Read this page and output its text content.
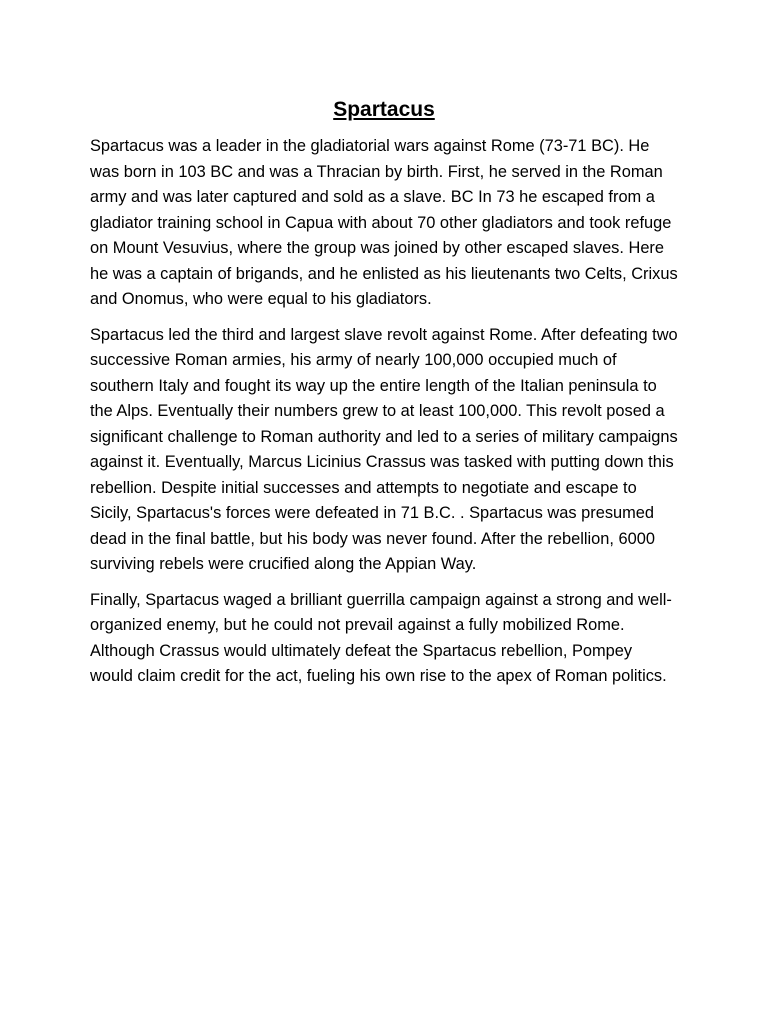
Spartacus

Spartacus was a leader in the gladiatorial wars against Rome (73-71 BC). He was born in 103 BC and was a Thracian by birth. First, he served in the Roman army and was later captured and sold as a slave. BC In 73 he escaped from a gladiator training school in Capua with about 70 other gladiators and took refuge on Mount Vesuvius, where the group was joined by other escaped slaves. Here he was a captain of brigands, and he enlisted as his lieutenants two Celts, Crixus and Onomus, who were equal to his gladiators.

Spartacus led the third and largest slave revolt against Rome. After defeating two successive Roman armies, his army of nearly 100,000 occupied much of southern Italy and fought its way up the entire length of the Italian peninsula to the Alps. Eventually their numbers grew to at least 100,000. This revolt posed a significant challenge to Roman authority and led to a series of military campaigns against it. Eventually, Marcus Licinius Crassus was tasked with putting down this rebellion. Despite initial successes and attempts to negotiate and escape to Sicily, Spartacus's forces were defeated in 71 B.C. . Spartacus was presumed dead in the final battle, but his body was never found. After the rebellion, 6000 surviving rebels were crucified along the Appian Way.

Finally, Spartacus waged a brilliant guerrilla campaign against a strong and well-organized enemy, but he could not prevail against a fully mobilized Rome. Although Crassus would ultimately defeat the Spartacus rebellion, Pompey would claim credit for the act, fueling his own rise to the apex of Roman politics.
